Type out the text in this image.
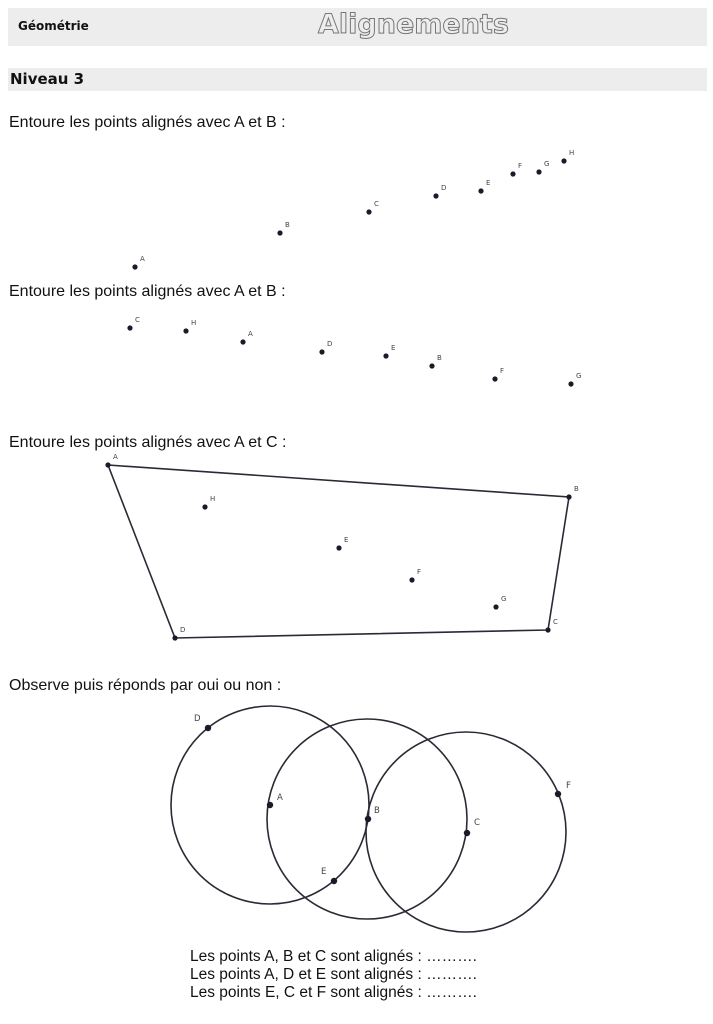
Géométrie	Alignements
Niveau 3
Entoure les points alignés avec A et B :
Entoure les points alignés avec A et B :
Entoure les points alignés avec A et C :
Observe puis réponds par oui ou non :
A
B
C
D
E
F	G
H
C	H
A
D	E
B
F
G
A
B
C
D
H
E
F
G
D
A
B
E
C
F
Les points A, B et C sont alignés : ……….
Les points A, D et E sont alignés : ……….
Les points E, C et F sont alignés : ……….
